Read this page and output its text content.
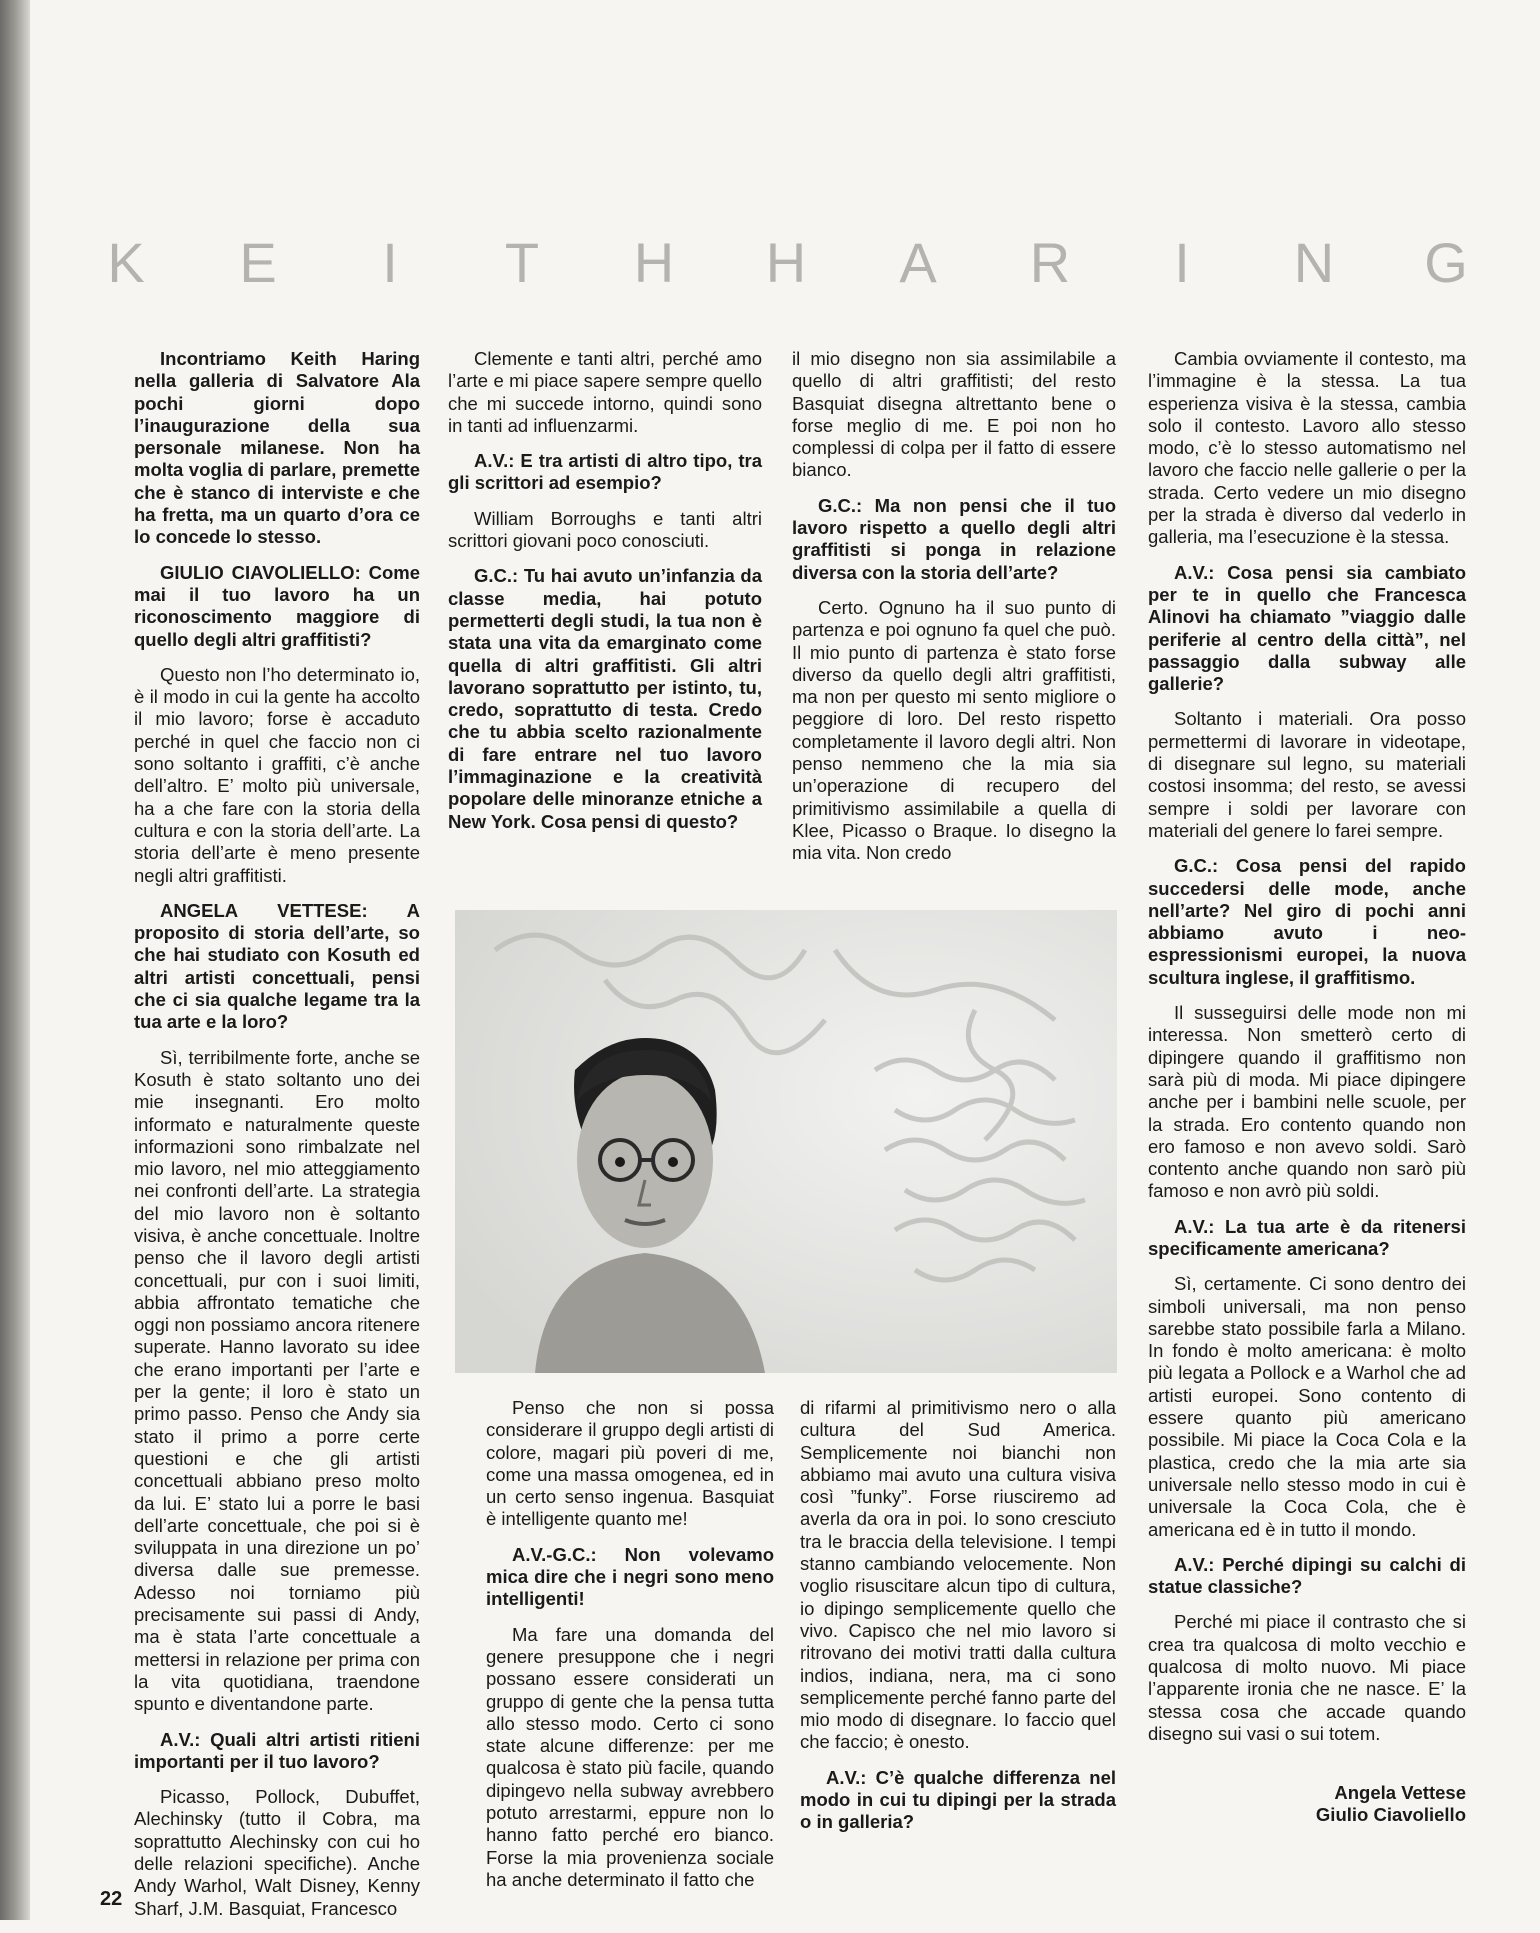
K E	I	T H H A R	I	N G

Incontriamo Keith Haring nella galleria di Salvatore Ala pochi giorni dopo l’inaugurazione della sua personale milanese. Non ha molta voglia di parlare, premette che è stanco di interviste e che ha fretta, ma un quarto d’ora ce lo concede lo stesso.

GIULIO CIAVOLIELLO: Come mai il tuo lavoro ha un riconoscimento maggiore di quello degli altri graffitisti?

Questo non l’ho determinato io, è il modo in cui la gente ha accolto il mio lavoro; forse è accaduto perché in quel che faccio non ci sono soltanto i graffiti, c’è anche dell’altro. E’ molto più universale, ha a che fare con la storia della cultura e con la storia dell’arte. La storia dell’arte è meno presente negli altri graffitisti.

ANGELA VETTESE: A proposito di storia dell’arte, so che hai studiato con Kosuth ed altri artisti concettuali, pensi che ci sia qualche legame tra la tua arte e la loro?

Sì, terribilmente forte, anche se Kosuth è stato soltanto uno dei mie insegnanti. Ero molto informato e naturalmente queste informazioni sono rimbalzate nel mio lavoro, nel mio atteggiamento nei confronti dell’arte. La strategia del mio lavoro non è soltanto visiva, è anche concettuale. Inoltre penso che il lavoro degli artisti concettuali, pur con i suoi limiti, abbia affrontato tematiche che oggi non possiamo ancora ritenere superate. Hanno lavorato su idee che erano importanti per l’arte e per la gente; il loro è stato un primo passo. Penso che Andy sia stato il primo a porre certe questioni e che gli artisti concettuali abbiano preso molto da lui. E’ stato lui a porre le basi dell’arte concettuale, che poi si è sviluppata in una direzione un po’ diversa dalle sue premesse. Adesso noi torniamo più precisamente sui passi di Andy, ma è stata l’arte concettuale a mettersi in relazione per prima con la vita quotidiana, traendone spunto e diventandone parte.

A.V.: Quali altri artisti ritieni importanti per il tuo lavoro?

Picasso, Pollock, Dubuffet, Alechinsky (tutto il Cobra, ma soprattutto Alechinsky con cui ho delle relazioni specifiche). Anche Andy Warhol, Walt Disney, Kenny Sharf, J.M. Basquiat, Francesco

Clemente e tanti altri, perché amo l’arte e mi piace sapere sempre quello che mi succede intorno, quindi sono in tanti ad influenzarmi.

A.V.: E tra artisti di altro tipo, tra gli scrittori ad esempio?

William Borroughs e tanti altri scrittori giovani poco conosciuti.

G.C.: Tu hai avuto un’infanzia da classe media, hai potuto permetterti degli studi, la tua non è stata una vita da emarginato come quella di altri graffitisti. Gli altri lavorano soprattutto per istinto, tu, credo, soprattutto di testa. Credo che tu abbia scelto razionalmente di fare entrare nel tuo lavoro l’immaginazione e la creatività popolare delle minoranze etniche a New York. Cosa pensi di questo?

il mio disegno non sia assimilabile a quello di altri graffitisti; del resto Basquiat disegna altrettanto bene o forse meglio di me. E poi non ho complessi di colpa per il fatto di essere bianco.

G.C.: Ma non pensi che il tuo lavoro rispetto a quello degli altri graffitisti si ponga in relazione diversa con la storia dell’arte?

Certo. Ognuno ha il suo punto di partenza e poi ognuno fa quel che può. Il mio punto di partenza è stato forse diverso da quello degli altri graffitisti, ma non per questo mi sento migliore o peggiore di loro. Del resto rispetto completamente il lavoro degli altri. Non penso nemmeno che la mia sia un’operazione di recupero del primitivismo assimilabile a quella di Klee, Picasso o Braque. Io disegno la mia vita. Non credo

Cambia ovviamente il contesto, ma l’immagine è la stessa. La tua esperienza visiva è la stessa, cambia solo il contesto. Lavoro allo stesso modo, c’è lo stesso automatismo nel lavoro che faccio nelle gallerie o per la strada. Certo vedere un mio disegno per la strada è diverso dal vederlo in galleria, ma l’esecuzione è la stessa.

A.V.: Cosa pensi sia cambiato per te in quello che Francesca Alinovi ha chiamato ”viaggio dalle periferie al centro della città”, nel passaggio dalla subway alle gallerie?

Soltanto i materiali. Ora posso permettermi di lavorare in videotape, di disegnare sul legno, su materiali costosi insomma; del resto, se avessi sempre i soldi per lavorare con materiali del genere lo farei sempre.

G.C.: Cosa pensi del rapido succedersi delle mode, anche nell’arte? Nel giro di pochi anni abbiamo avuto i neo-espressionismi europei, la nuova scultura inglese, il graffitismo.

Il susseguirsi delle mode non mi interessa. Non smetterò certo di dipingere quando il graffitismo non sarà più di moda. Mi piace dipingere anche per i bambini nelle scuole, per la strada. Ero contento quando non ero famoso e non avevo soldi. Sarò contento anche quando non sarò più famoso e non avrò più soldi.

A.V.: La tua arte è da ritenersi specificamente americana?

Sì, certamente. Ci sono dentro dei simboli universali, ma non penso sarebbe stato possibile farla a Milano. In fondo è molto americana: è molto più legata a Pollock e a Warhol che ad artisti europei. Sono contento di essere quanto più americano possibile. Mi piace la Coca Cola e la plastica, credo che la mia arte sia universale nello stesso modo in cui è universale la Coca Cola, che è americana ed è in tutto il mondo.

A.V.: Perché dipingi su calchi di statue classiche?

Perché mi piace il contrasto che si crea tra qualcosa di molto vecchio e qualcosa di molto nuovo. Mi piace l’apparente ironia che ne nasce. E’ la stessa cosa che accade quando disegno sui vasi o sui totem.

Penso che non si possa considerare il gruppo degli artisti di colore, magari più poveri di me, come una massa omogenea, ed in un certo senso ingenua. Basquiat è intelligente quanto me!

A.V.-G.C.: Non volevamo mica dire che i negri sono meno intelligenti!

Ma fare una domanda del genere presuppone che i negri possano essere considerati un gruppo di gente che la pensa tutta allo stesso modo. Certo ci sono state alcune differenze: per me qualcosa è stato più facile, quando dipingevo nella subway avrebbero potuto arrestarmi, eppure non lo hanno fatto perché ero bianco. Forse la mia provenienza sociale ha anche determinato il fatto che

di rifarmi al primitivismo nero o alla cultura del Sud America. Semplicemente noi bianchi non abbiamo mai avuto una cultura visiva così ”funky”. Forse riusciremo ad averla da ora in poi. Io sono cresciuto tra le braccia della televisione. I tempi stanno cambiando velocemente. Non voglio risuscitare alcun tipo di cultura, io dipingo semplicemente quello che vivo. Capisco che nel mio lavoro si ritrovano dei motivi tratti dalla cultura indios, indiana, nera, ma ci sono semplicemente perché fanno parte del mio modo di disegnare. Io faccio quel che faccio; è onesto.

A.V.: C’è qualche differenza nel modo in cui tu dipingi per la strada o in galleria?

Angela Vettese
Giulio Ciavoliello
22
